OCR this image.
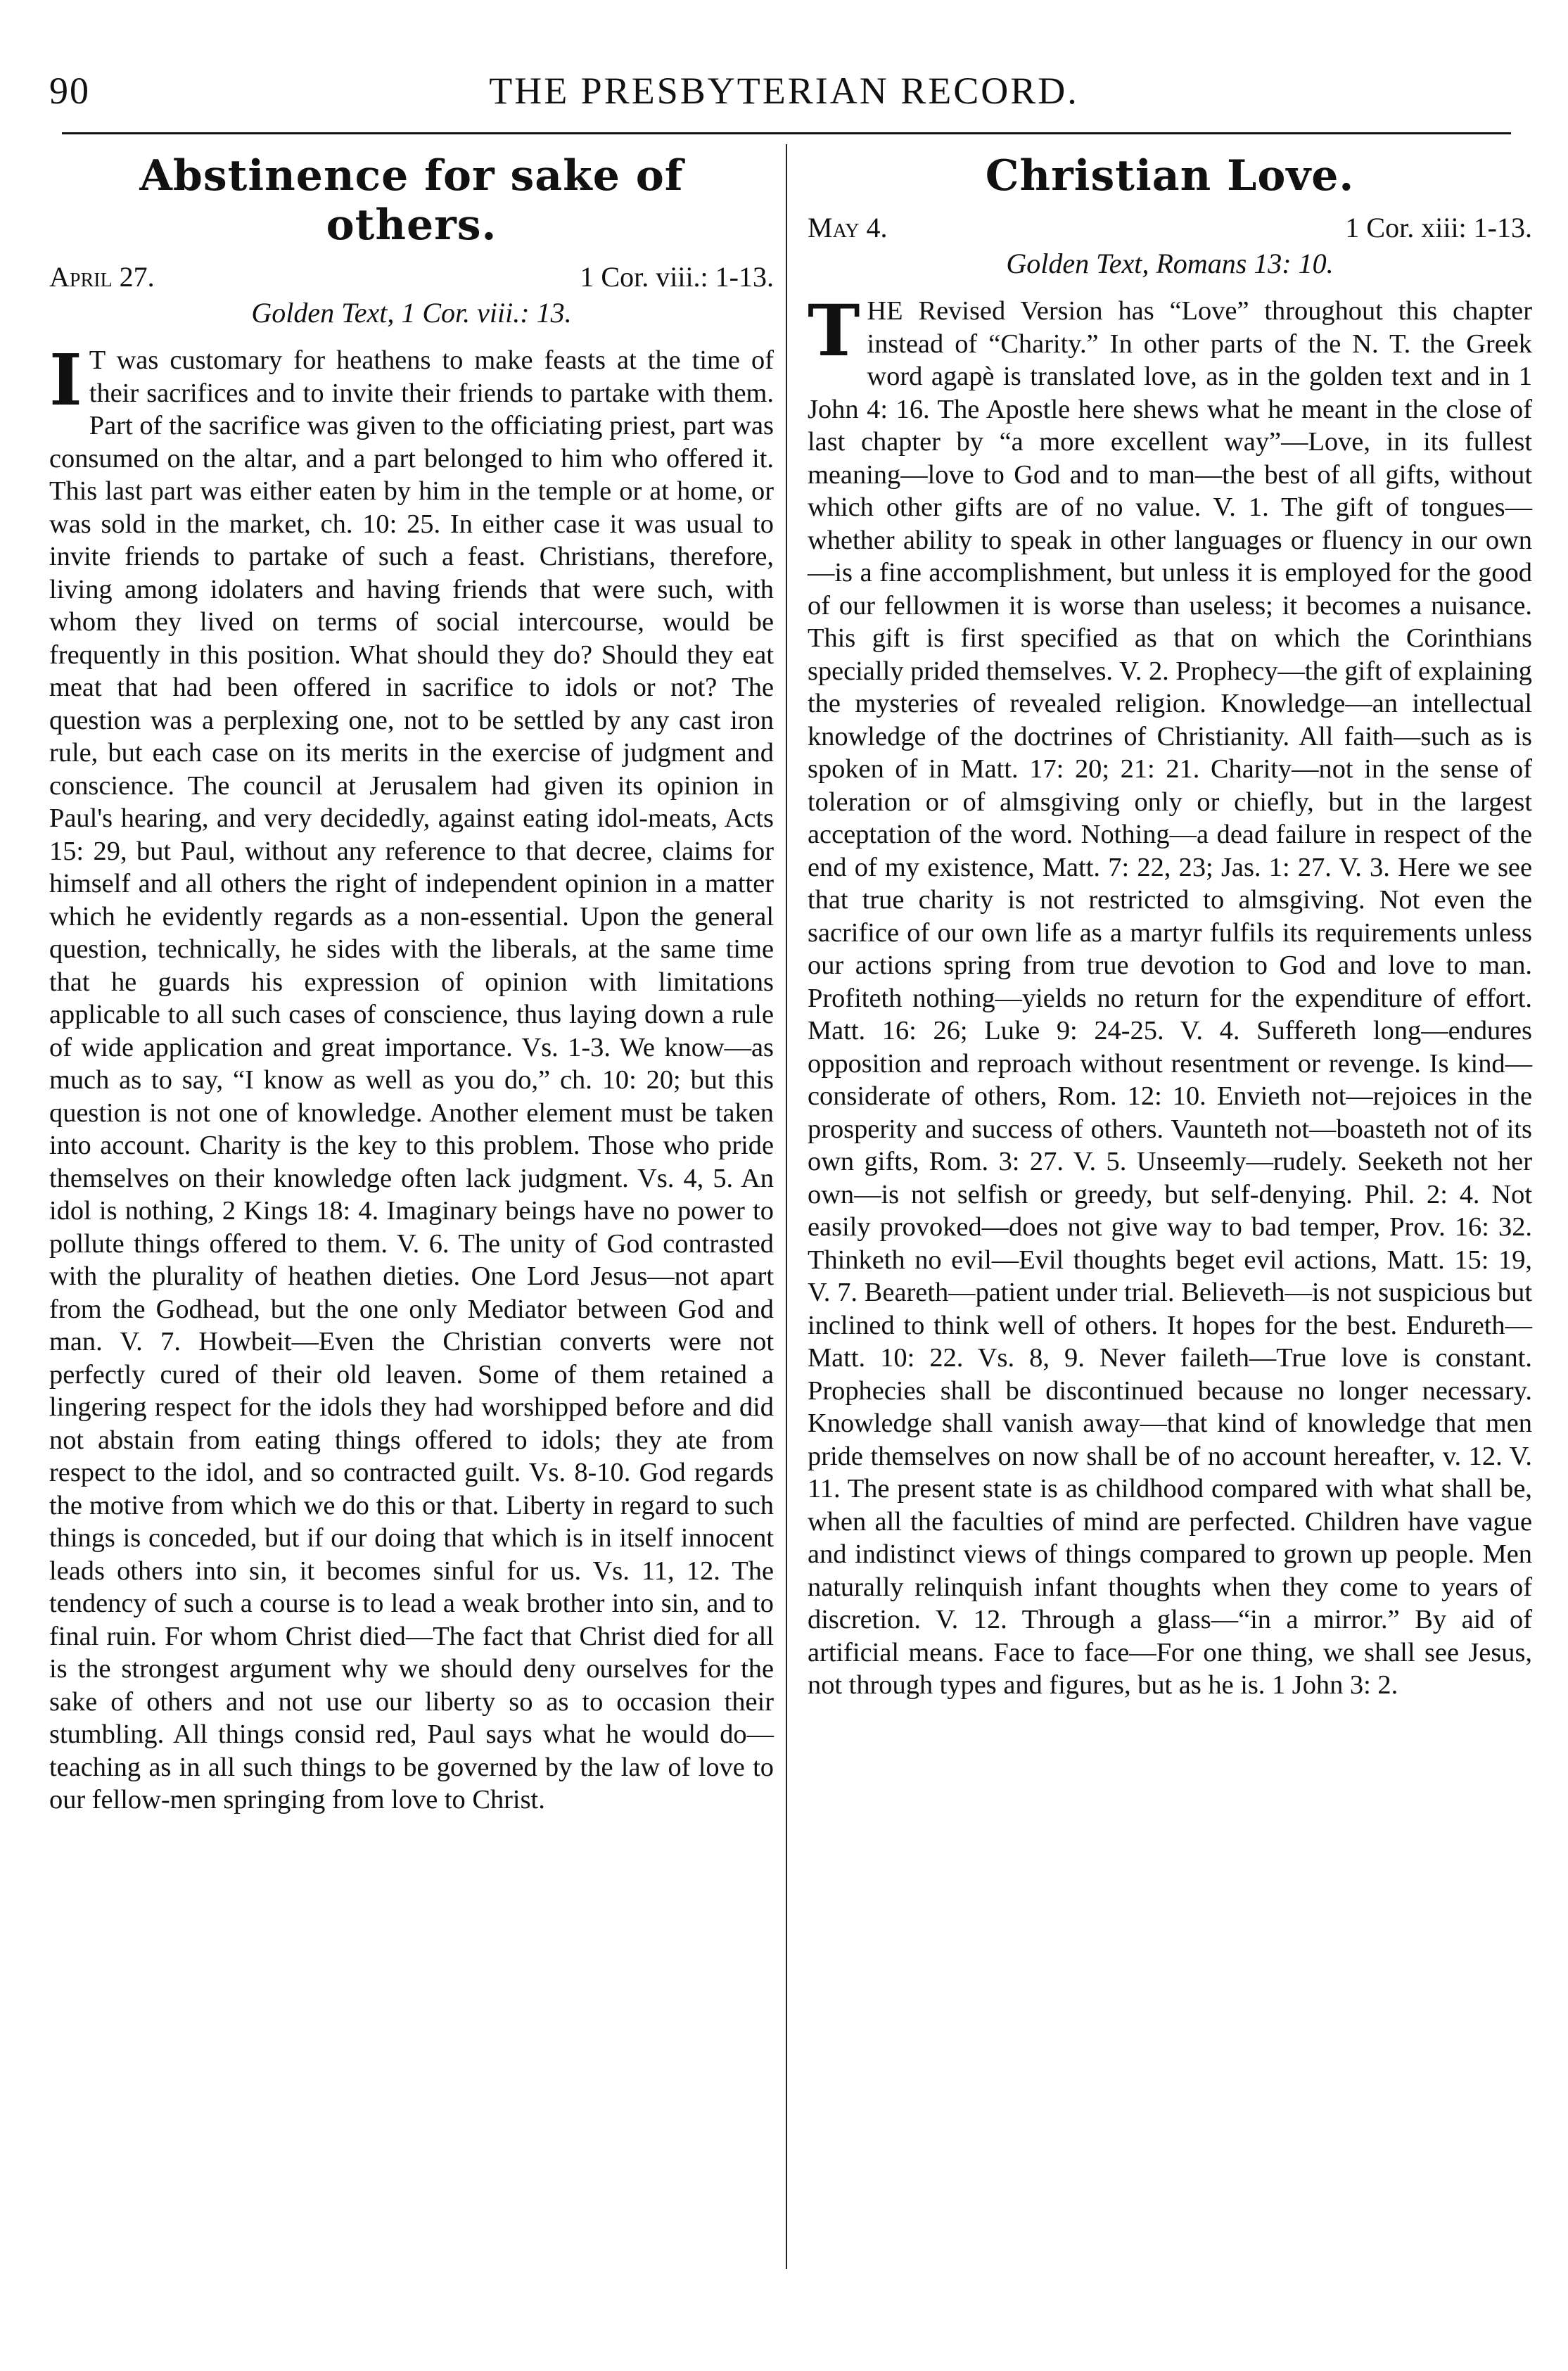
90	THE PRESBYTERIAN RECORD.
Abstinence for sake of others.
April 27.	1 Cor. viii.: 1-13.
Golden Text, 1 Cor. viii.: 13.
I T was customary for heathens to make feasts at the time of their sacrifices and to invite their friends to partake with them. Part of the sacrifice was given to the officiating priest, part was consumed on the altar, and a part belonged to him who offered it. This last part was either eaten by him in the temple or at home, or was sold in the market, ch. 10: 25. In either case it was usual to invite friends to partake of such a feast. Christians, therefore, living among idolaters and having friends that were such, with whom they lived on terms of social intercourse, would be frequently in this position. What should they do? Should they eat meat that had been offered in sacrifice to idols or not? The question was a perplexing one, not to be settled by any cast iron rule, but each case on its merits in the exercise of judgment and conscience. The council at Jerusalem had given its opinion in Paul's hearing, and very decidedly, against eating idol-meats, Acts 15: 29, but Paul, without any reference to that decree, claims for himself and all others the right of independent opinion in a matter which he evidently regards as a non-essential. Upon the general question, technically, he sides with the liberals, at the same time that he guards his expression of opinion with limitations applicable to all such cases of conscience, thus laying down a rule of wide application and great importance. Vs. 1-3. We know—as much as to say, “I know as well as you do,” ch. 10: 20; but this question is not one of knowledge. Another element must be taken into account. Charity is the key to this problem. Those who pride themselves on their knowledge often lack judgment. Vs. 4, 5. An idol is nothing, 2 Kings 18: 4. Imaginary beings have no power to pollute things offered to them. V. 6. The unity of God contrasted with the plurality of heathen dieties. One Lord Jesus—not apart from the Godhead, but the one only Mediator between God and man. V. 7. Howbeit—Even the Christian converts were not perfectly cured of their old leaven. Some of them retained a lingering respect for the idols they had worshipped before and did not abstain from eating things offered to idols; they ate from respect to the idol, and so contracted guilt. Vs. 8-10. God regards the motive from which we do this or that. Liberty in regard to such things is conceded, but if our doing that which is in itself innocent leads others into sin, it becomes sinful for us. Vs. 11, 12. The tendency of such a course is to lead a weak brother into sin, and to final ruin. For whom Christ died—The fact that Christ died for all is the strongest argument why we should deny ourselves for the sake of others and not use our liberty so as to occasion their stumbling. All things consid red, Paul says what he would do—teaching as in all such things to be governed by the law of love to our fellow-men springing from love to Christ.

Christian Love.
May 4.	1 Cor. xiii: 1-13.
Golden Text, Romans 13: 10.
T HE Revised Version has “Love” throughout this chapter instead of “Charity.” In other parts of the N. T. the Greek word agapè is translated love, as in the golden text and in 1 John 4: 16. The Apostle here shews what he meant in the close of last chapter by “a more excellent way”—Love, in its fullest meaning—love to God and to man—the best of all gifts, without which other gifts are of no value. V. 1. The gift of tongues—whether ability to speak in other languages or fluency in our own—is a fine accomplishment, but unless it is employed for the good of our fellowmen it is worse than useless; it becomes a nuisance. This gift is first specified as that on which the Corinthians specially prided themselves. V. 2. Prophecy—the gift of explaining the mysteries of revealed religion. Knowledge—an intellectual knowledge of the doctrines of Christianity. All faith—such as is spoken of in Matt. 17: 20; 21: 21. Charity—not in the sense of toleration or of almsgiving only or chiefly, but in the largest acceptation of the word. Nothing—a dead failure in respect of the end of my existence, Matt. 7: 22, 23; Jas. 1: 27. V. 3. Here we see that true charity is not restricted to almsgiving. Not even the sacrifice of our own life as a martyr fulfils its requirements unless our actions spring from true devotion to God and love to man. Profiteth nothing—yields no return for the expenditure of effort. Matt. 16: 26; Luke 9: 24-25. V. 4. Suffereth long—endures opposition and reproach without resentment or revenge. Is kind—considerate of others, Rom. 12: 10. Envieth not—rejoices in the prosperity and success of others. Vaunteth not—boasteth not of its own gifts, Rom. 3: 27. V. 5. Unseemly—rudely. Seeketh not her own—is not selfish or greedy, but self-denying. Phil. 2: 4. Not easily provoked—does not give way to bad temper, Prov. 16: 32. Thinketh no evil—Evil thoughts beget evil actions, Matt. 15: 19, V. 7. Beareth—patient under trial. Believeth—is not suspicious but inclined to think well of others. It hopes for the best. Endureth—Matt. 10: 22. Vs. 8, 9. Never faileth—True love is constant. Prophecies shall be discontinued because no longer necessary. Knowledge shall vanish away—that kind of knowledge that men pride themselves on now shall be of no account hereafter, v. 12. V. 11. The present state is as childhood compared with what shall be, when all the faculties of mind are perfected. Children have vague and indistinct views of things compared to grown up people. Men naturally relinquish infant thoughts when they come to years of discretion. V. 12. Through a glass—“in a mirror.” By aid of artificial means. Face to face—For one thing, we shall see Jesus, not through types and figures, but as he is. 1 John 3: 2.
